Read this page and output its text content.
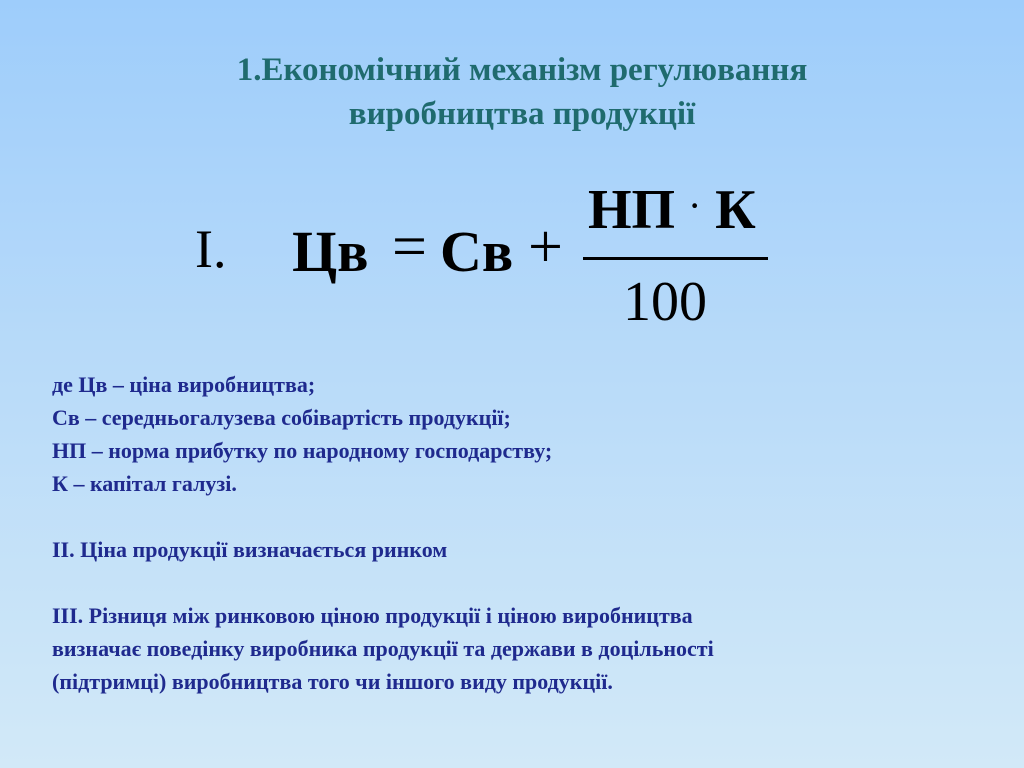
1.Економічний механізм регулювання
виробництва продукції
I. Цв = Св +
НП К
·
100
де Цв – ціна виробництва;
Св – середньогалузева собівартість продукції;
НП – норма прибутку по народному господарству;
К – капітал галузі.
ІІ. Ціна продукції визначається ринком
ІІІ. Різниця між ринковою ціною продукції і ціною виробництва
визначає поведінку виробника продукції та держави в доцільності
(підтримці) виробництва того чи іншого виду продукції.
